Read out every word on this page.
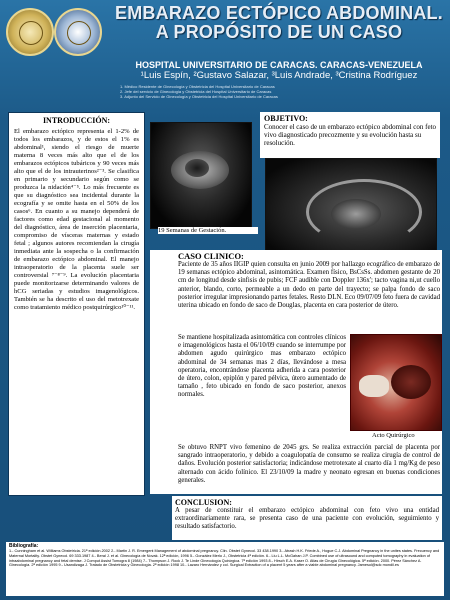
EMBARAZO ECTÓPICO ABDOMINAL. A PROPÓSITO DE UN CASO
HOSPITAL UNIVERSITARIO DE CARACAS. CARACAS-VENEZUELA
¹Luis Espín, ²Gustavo Salazar, ³Luis Andrade, ³Cristina Rodríguez
1. Médico Residente de Ginecología y Obstetricia del Hospital Universitario de Caracas
2. Jefe del servicio de Ginecología y Obstetricia del Hospital Universitario de Caracas
3. Adjunto del Servicio de Ginecología y Obstetricia del Hospital Universitario de Caracas
INTRODUCCIÓN:
El embarazo ectópico representa el 1-2% de todos los embarazos, y de estos el 1% es abdominal¹, siendo el riesgo de muerte materna 8 veces más alto que el de los embarazos ectópicos tubáricos y 90 veces más alto que el de los intrauterinos²⁻³. Se clasifica en primario y secundario según como se produzca la nidación⁴⁻⁵. Lo más frecuente es que su diagnóstico sea incidental durante la ecografía y se omite hasta en el 50% de los casos⁶. En cuanto a su manejo dependerá de factores como edad gestacional al momento del diagnóstico, área de inserción placentaria, compromiso de vísceras maternas y estado fetal ; algunos autores recomiendan la cirugía inmediata ante la sospecha o la confirmación de embarazo ectópico abdominal. El manejo intraoperatorio de la placenta suele ser controversial ⁷⁻⁸⁻⁹. La evolución placentaria puede monitorizarse determinando valores de hCG seriadas y estudios imagenológicos. También se ha descrito el uso del metotrexate como tratamiento médico postquirúrgico¹⁰⁻¹¹.
19 Semanas de Gestación.
OBJETIVO:
Conocer el caso de un embarazo ectópico abdominal con feto vivo diagnosticado precozmente y su evolución hasta su resolución.
CASO CLINICO:
Paciente de 35 años IIGIP quien consulta en junio 2009 por hallazgo ecográfico de embarazo de 19 semanas ectópico abdominal, asintomática. Examen físico, BsCsSs. abdomen gestante de 20 cm de longitud desde sínfisis de pubis; FCF audible con Doppler 136x'; tacto vagina ni,ut cuello anterior, blando, corto, permeable a un dedo en parte del trayecto; se palpa fondo de saco posterior irregular impresionando partes fetales. Resto DLN. Eco 09/07/09 feto fuera de cavidad uterina ubicado en fondo de saco de Douglas, placenta en cara posterior de útero.
Se mantiene hospitalizada asintomática con controles clínicos e imagenológicos hasta el 06/10/09 cuando se interrumpe por abdomen agudo quirúrgico mas embarazo ectópico abdominal de 34 semanas mas 2 días, llevándose a mesa operatoria, encontrándose placenta adherida a cara posterior de útero, colon, epiplón y pared pélvica, útero aumentado de tamaño , feto ubicado en fondo de saco posterior, anexos normales.
Acto Quirúrgico
Se obtuvo RNPT vivo femenino de 2045 grs. Se realiza extracción parcial de placenta por sangrado intraoperatorio, y debido a coagulopatía de consumo se realiza cirugía de control de daños. Evolución posterior satisfactoria; indicándose metrotexate al cuarto día 1 mg/Kg de peso alternado con ácido folínico. El 23/10/09 la madre y neonato egresan en buenas condiciones generales.
CONCLUSION:
A pesar de constituir el embarazo ectópico abdominal con feto vivo una entidad extraordinariamente rara, se presenta caso de una paciente con evolución, seguimiento y resultado satisfactorio.
Bibliografía:
1.- Cunningham et al. Williams Obstetricia. 21ª edición.2002 2.- Martin J. R. Emergent Management of abdominal pregnancy. Clin. Obstet Gynecol. 33 438.1990 3.- Atrash H.K. Friede A., Hogue C.J. Abdominal Pregnancy in the unites states. Frecuency and Maternal Mortality. Obstet Gynecol. 69 333.1987 4.- Beral J. et al. Ginecología de Novak. 12ª edición, 1996 5.- González Merlo J., Obstetricia 4ª edición. 6.- Liu L.L. McGahan J.P. Combined use of ultrasound and computed tomography in evaluation of intraabdominal pregnancy and fetal demise. J Comput Assist Tomogra 8 (1984) 7.- Thompson J. Rock J. Te Linde Ginecología Quirúrgica. 7ª edición 1993 8.- Hirsch E.A. Kaser O. Atlas de Cirugía Ginecológica. 5ª edición. 2000. Pérez Sánchez A. Ginecología. 2ª edición 1995 9.- Usandizaga J. Tratado de Obstetricia y Ginecología. 2ª edición 1998 10.- Lazaro Hernández y col. Surgical Extraction of a placent 5 years after a viable abdominal pregnancy. Jamesol@sdc mondil.es
